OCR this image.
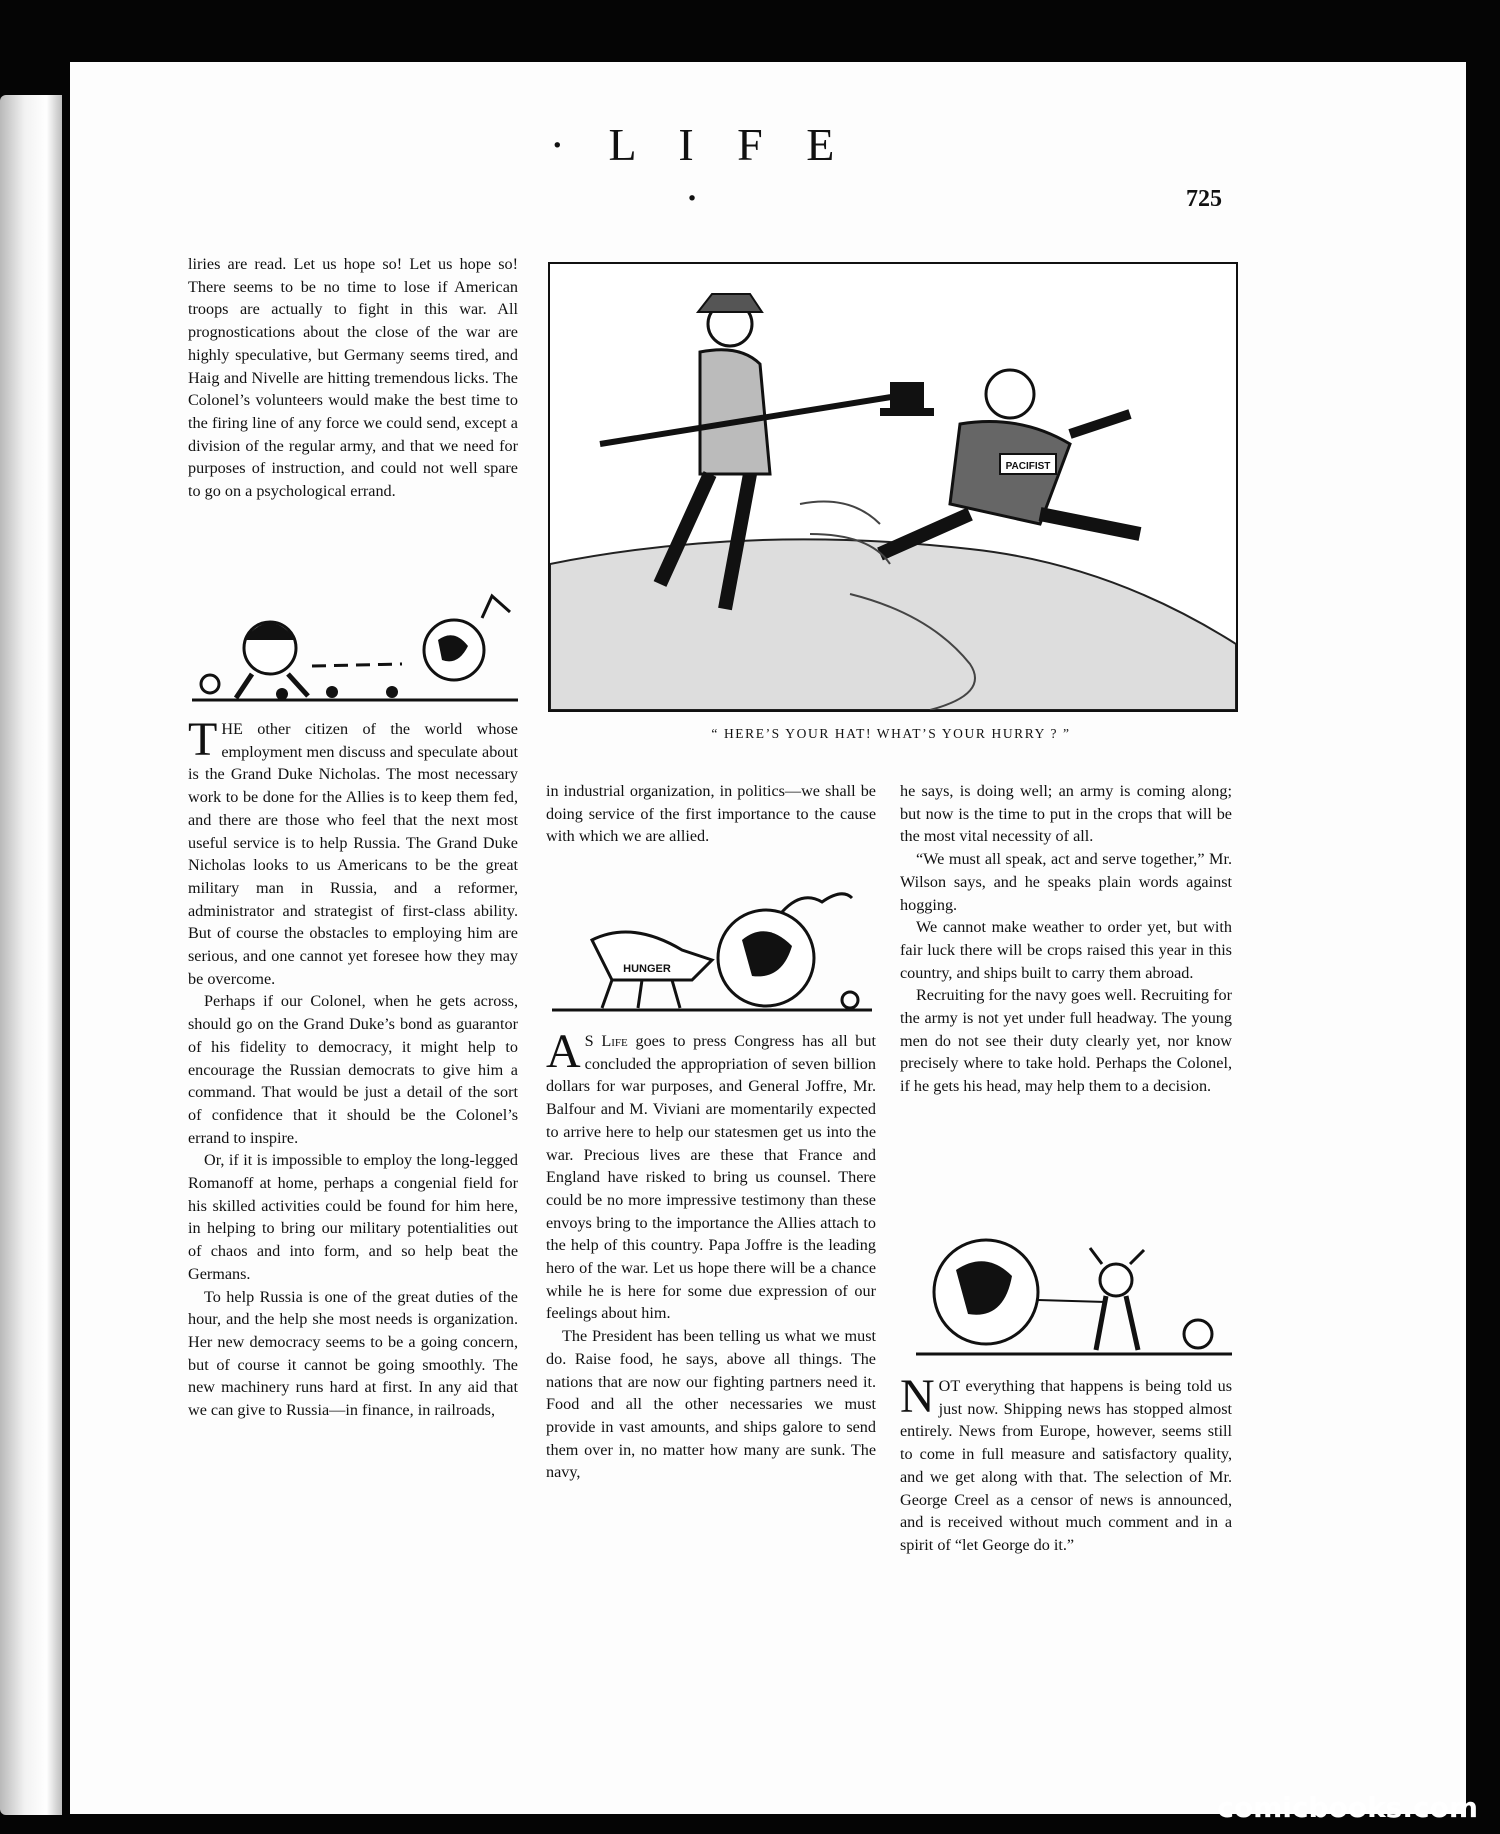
· L I F E ·	725

liries are read. Let us hope so! Let us hope so! There seems to be no time to lose if American troops are actually to fight in this war. All prognostications about the close of the war are highly speculative, but Germany seems tired, and Haig and Nivelle are hitting tremendous licks. The Colonel’s volunteers would make the best time to the firing line of any force we could send, except a division of the regular army, and that we need for purposes of instruction, and could not well spare to go on a psychological errand.

THE other citizen of the world whose employment men discuss and speculate about is the Grand Duke Nicholas. The most necessary work to be done for the Allies is to keep them fed, and there are those who feel that the next most useful service is to help Russia. The Grand Duke Nicholas looks to us Americans to be the great military man in Russia, and a reformer, administrator and strategist of first-class ability. But of course the obstacles to employing him are serious, and one cannot yet foresee how they may be overcome.

Perhaps if our Colonel, when he gets across, should go on the Grand Duke’s bond as guarantor of his fidelity to democracy, it might help to encourage the Russian democrats to give him a command. That would be just a detail of the sort of confidence that it should be the Colonel’s errand to inspire.

Or, if it is impossible to employ the long-legged Romanoff at home, perhaps a congenial field for his skilled activities could be found for him here, in helping to bring our military potentialities out of chaos and into form, and so help beat the Germans.

To help Russia is one of the great duties of the hour, and the help she most needs is organization. Her new democracy seems to be a going concern, but of course it cannot be going smoothly. The new machinery runs hard at first. In any aid that we can give to Russia—in finance, in railroads,

PACIFIST
“ HERE’S YOUR HAT! WHAT’S YOUR HURRY ? ”

in industrial organization, in politics—we shall be doing service of the first importance to the cause with which we are allied.

HUNGER

A S Life goes to press Congress has all but concluded the appropriation of seven billion dollars for war purposes, and General Joffre, Mr. Balfour and M. Viviani are momentarily expected to arrive here to help our statesmen get us into the war. Precious lives are these that France and England have risked to bring us counsel. There could be no more impressive testimony than these envoys bring to the importance the Allies attach to the help of this country. Papa Joffre is the leading hero of the war. Let us hope there will be a chance while he is here for some due expression of our feelings about him.

The President has been telling us what we must do. Raise food, he says, above all things. The nations that are now our fighting partners need it. Food and all the other necessaries we must provide in vast amounts, and ships galore to send them over in, no matter how many are sunk. The navy,

he says, is doing well; an army is coming along; but now is the time to put in the crops that will be the most vital necessity of all.

“We must all speak, act and serve together,” Mr. Wilson says, and he speaks plain words against hogging.

We cannot make weather to order yet, but with fair luck there will be crops raised this year in this country, and ships built to carry them abroad.

Recruiting for the navy goes well. Recruiting for the army is not yet under full headway. The young men do not see their duty clearly yet, nor know precisely where to take hold. Perhaps the Colonel, if he gets his head, may help them to a decision.

NOT everything that happens is being told us just now. Shipping news has stopped almost entirely. News from Europe, however, seems still to come in full measure and satisfactory quality, and we get along with that. The selection of Mr. George Creel as a censor of news is announced, and is received without much comment and in a spirit of “let George do it.”

comicbooks.com
